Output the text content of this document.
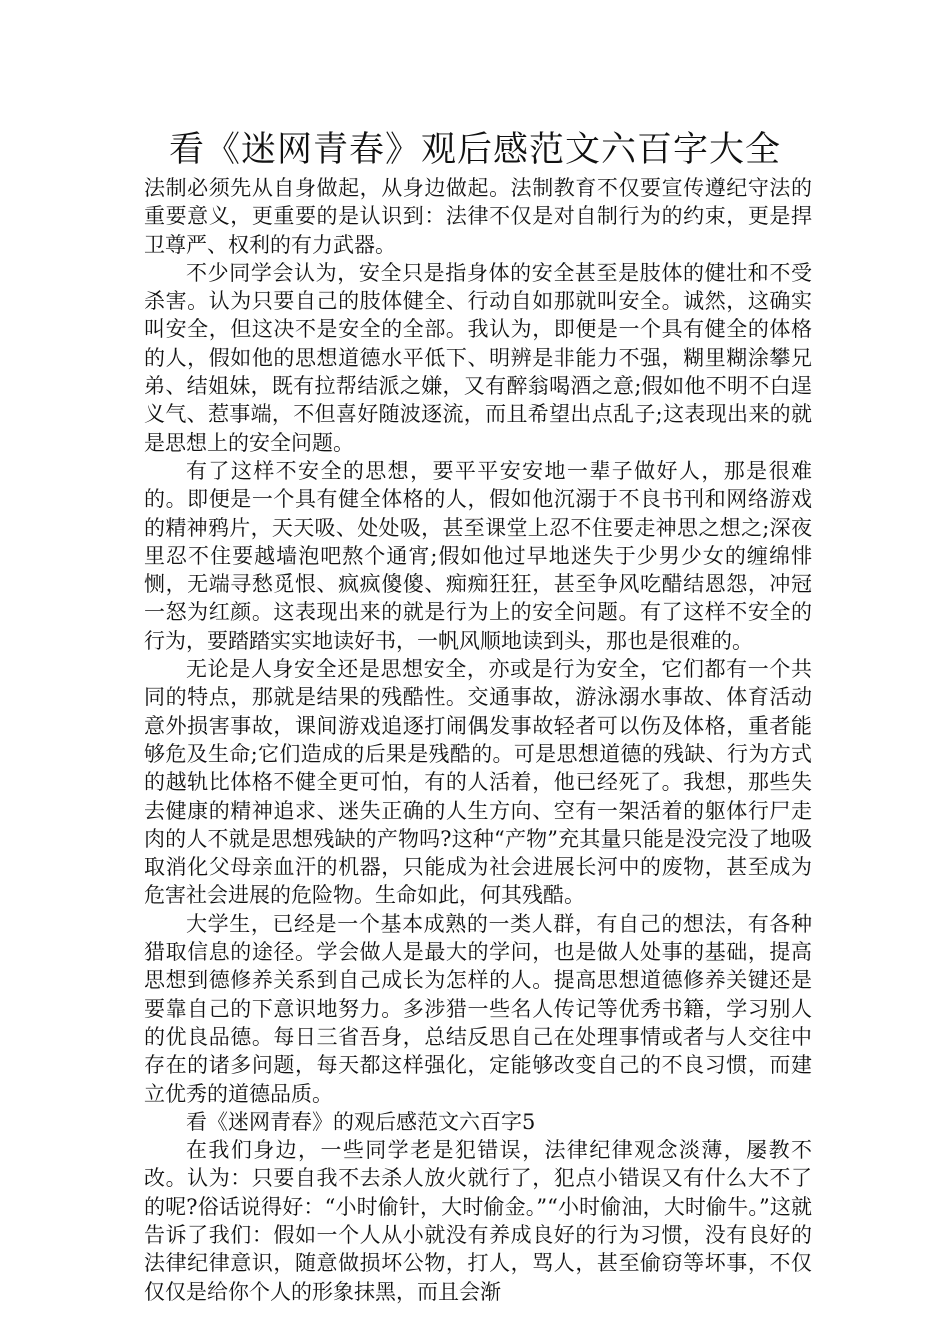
看《迷网青春》观后感范文六百字大全

法制必须先从自身做起，从身边做起。法制教育不仅要宣传遵纪守法的重要意义，更重要的是认识到：法律不仅是对自制行为的约束，更是捍卫尊严、权利的有力武器。

不少同学会认为，安全只是指身体的安全甚至是肢体的健壮和不受杀害。认为只要自己的肢体健全、行动自如那就叫安全。诚然，这确实叫安全，但这决不是安全的全部。我认为，即便是一个具有健全的体格的人，假如他的思想道德水平低下、明辨是非能力不强，糊里糊涂攀兄弟、结姐妹，既有拉帮结派之嫌，又有醉翁喝酒之意;假如他不明不白逞义气、惹事端，不但喜好随波逐流，而且希望出点乱子;这表现出来的就是思想上的安全问题。

有了这样不安全的思想，要平平安安地一辈子做好人，那是很难的。即便是一个具有健全体格的人，假如他沉溺于不良书刊和网络游戏的精神鸦片，天天吸、处处吸，甚至课堂上忍不住要走神思之想之;深夜里忍不住要越墙泡吧熬个通宵;假如他过早地迷失于少男少女的缠绵悱恻，无端寻愁觅恨、疯疯傻傻、痴痴狂狂，甚至争风吃醋结恩怨，冲冠一怒为红颜。这表现出来的就是行为上的安全问题。有了这样不安全的行为，要踏踏实实地读好书，一帆风顺地读到头，那也是很难的。

无论是人身安全还是思想安全，亦或是行为安全，它们都有一个共同的特点，那就是结果的残酷性。交通事故，游泳溺水事故、体育活动意外损害事故，课间游戏追逐打闹偶发事故轻者可以伤及体格，重者能够危及生命;它们造成的后果是残酷的。可是思想道德的残缺、行为方式的越轨比体格不健全更可怕，有的人活着，他已经死了。我想，那些失去健康的精神追求、迷失正确的人生方向、空有一架活着的躯体行尸走肉的人不就是思想残缺的产物吗?这种“产物”充其量只能是没完没了地吸取消化父母亲血汗的机器，只能成为社会进展长河中的废物，甚至成为危害社会进展的危险物。生命如此，何其残酷。

大学生，已经是一个基本成熟的一类人群，有自己的想法，有各种猎取信息的途径。学会做人是最大的学问，也是做人处事的基础，提高思想到德修养关系到自己成长为怎样的人。提高思想道德修养关键还是要靠自己的下意识地努力。多涉猎一些名人传记等优秀书籍，学习别人的优良品德。每日三省吾身，总结反思自己在处理事情或者与人交往中存在的诸多问题，每天都这样强化，定能够改变自己的不良习惯，而建立优秀的道德品质。

看《迷网青春》的观后感范文六百字5

在我们身边，一些同学老是犯错误，法律纪律观念淡薄，屡教不改。认为：只要自我不去杀人放火就行了，犯点小错误又有什么大不了的呢?俗话说得好：“小时偷针，大时偷金。”“小时偷油，大时偷牛。”这就告诉了我们：假如一个人从小就没有养成良好的行为习惯，没有良好的法律纪律意识，随意做损坏公物，打人，骂人，甚至偷窃等坏事，不仅仅仅是给你个人的形象抹黑，而且会渐
